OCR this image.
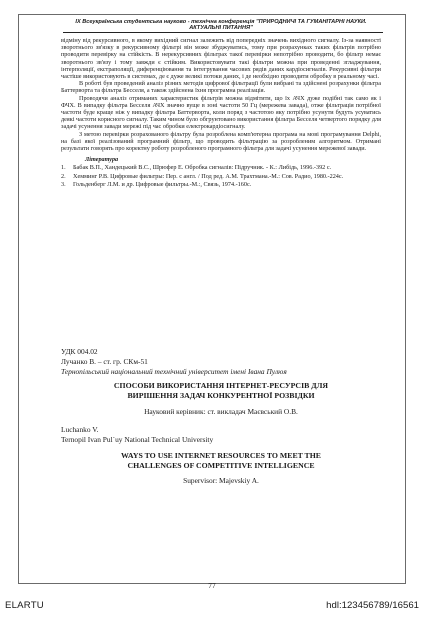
IX Всеукраїнська студентська науково - технічна конференція "ПРИРОДНИЧІ ТА ГУМАНІТАРНІ НАУКИ.
АКТУАЛЬНІ ПИТАННЯ"

відміну від рекурсивного, в якому вихідний сигнал залежить від попередніх значень вихідного сигналу. Із-за наявності зворотнього зв'язку в рекурсивному фільтрі він може збуджуватись, тому при розрахунках таких фільтрів потрібно проводити перевірку на стійкість. В нерекурсивних фільтрах такої перевірки непотрібно проводити, бо фільтр немає зворотнього зв'язу і тому завжди є стійким. Використовувати такі фільтри можна при проведенні згладжування, інтерполяції, екстраполяції, диференціювання та інтегрування часових рядів даних кардіосигналів. Рекурсивні фільтри частіше використовують в системах, де є дуже великі потоки даних, і де необхідно проводити обробку в реальному часі.

В роботі був проведений аналіз різних методів цифрової фільтрації були вибрані та здійснені розрахунки фільтра Баттерворта та фільтра Бесселя, а також здійснена їхня програмна реалізація.

Проводячи аналіз отриманих характеристик фільтрів можна відмітити, що їх АЧХ дуже подібні так само як і ФЧХ. В випадку фільтра Бесселя АЧХ значно вуще в зоні частоти 50 Гц (мережева завада), отже фільтрація потрібної частоти буде краще ніж у випадку фільтра Баттерворта, коли поряд з частотою яку потрібно усунути будуть усуватись деякі частоти корисного сигналу. Таким чином було обгрунтовано використання фільтра Бесселя четвертого порядку для задачі усунення завади мережі під час обробки електрокардіосигналу.

З метою перевірки розрахованого фільтру була розроблена комп'ютерна програма на мові програмування Delphi, на базі якої реалізований програмний фільтр, що проводить фільтрацію за розробленим алгоритмом. Отримані результати говорять про коректну роботу розробленого програмного фільтра для задачі усунення мережевої завади.

Література
1.	Бабак В.П., Хандецький В.С., Шрюфер Е. Обробка сигналів: Підручник. - К.: Либідь, 1996.-392 с.
2.	Хемминг Р.В. Цифровые фильтры: Пер. с англ. / Под ред. А.М. Трахтмана.-М.: Сов. Радио, 1980.-224с.
3.	Гольденберг Л.М. и др. Цифровые фильтры.-М.:, Связь, 1974.-160с.
УДК 004.02
Лучанко В. – ст. гр. СКм-51
Тернопільський національний технічний університет імені Івана Пулюя
СПОСОБИ ВИКОРИСТАННЯ ІНТЕРНЕТ-РЕСУРСІВ ДЛЯ
ВИРІШЕННЯ ЗАДАЧ КОНКУРЕНТНОЇ РОЗВІДКИ
Науковий керівник: ст. викладач Маєвський О.В.
Luchanko V.
Ternopil Ivan Pul`uy National Technical University
WAYS TO USE INTERNET RESOURCES TO MEET THE
CHALLENGES OF COMPETITIVE INTELLIGENCE
Supervisor: Majevskiy A.
77
ELARTU	hdl:123456789/16561
